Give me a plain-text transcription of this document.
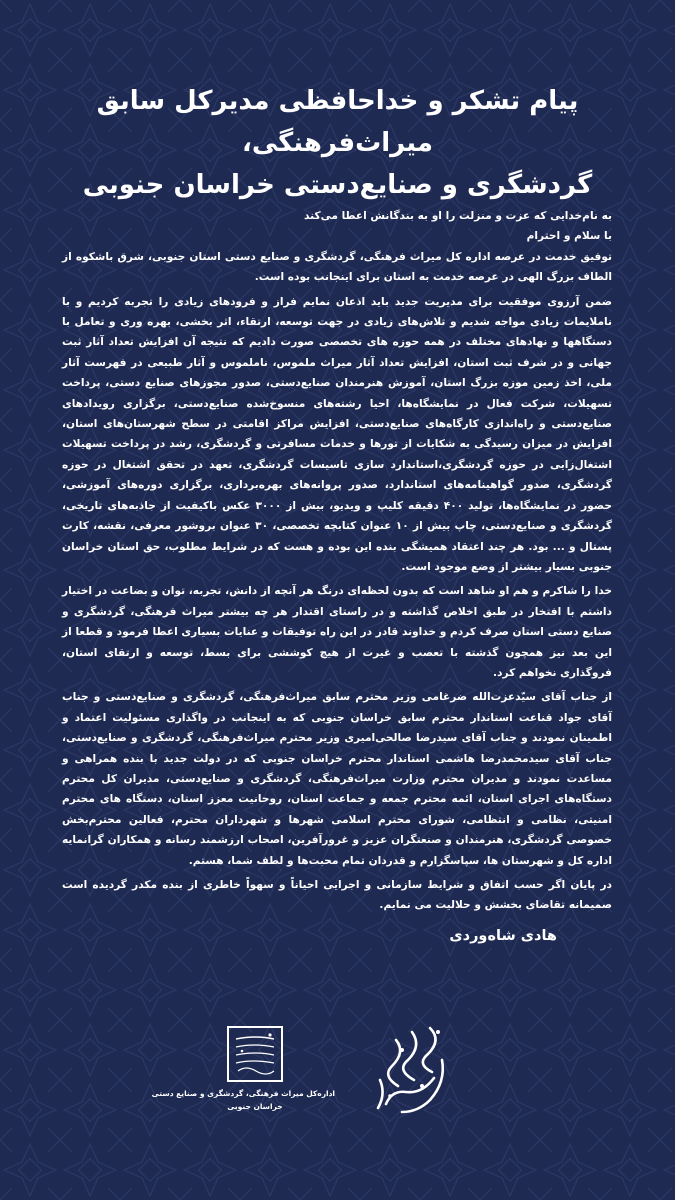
پیام تشکر و خداحافظی مدیرکل سابق میراث‌فرهنگی،
گردشگری و صنایع‌دستی خراسان جنوبی

به نام‌خدایی که عزت و منزلت را او به بندگانش اعطا می‌کند

با سلام و احترام

توفیق خدمت در عرصه اداره کل میراث فرهنگی، گردشگری و صنایع دستی استان جنوبی، شرق باشکوه از الطاف بزرگ الهی در عرصه خدمت به استان برای اینجانب بوده است.

ضمن آرزوی موفقیت برای مدیریت جدید باید اذعان نمایم فراز و فرودهای زیادی را تجربه کردیم و با ناملایمات زیادی مواجه شدیم و تلاش‌های زیادی در جهت توسعه، ارتقاء، اثر بخشی، بهره وری و تعامل با دستگاهها و نهادهای مختلف در همه حوزه های تخصصی صورت دادیم که نتیجه آن افزایش تعداد آثار ثبت جهانی و در شرف ثبت استان، افزایش تعداد آثار میراث ملموس، ناملموس و آثار طبیعی در فهرست آثار ملی، اخذ زمین موزه بزرگ استان، آموزش هنرمندان صنایع‌دستی، صدور مجوزهای صنایع دستی، پرداخت تسهیلات، شرکت فعال در نمایشگاه‌ها، احیا رشته‌های منسوخ‌شده صنایع‌دستی، برگزاری رویدادهای صنایع‌دستی و راه‌اندازی کارگاه‌های صنایع‌دستی، افزایش مراکز اقامتی در سطح شهرستان‌های استان، افزایش در میزان رسیدگی به شکایات از تورها و خدمات مسافرتی و گردشگری، رشد در پرداخت تسهیلات اشتغال‌زایی در حوزه گردشگری،استاندارد سازی تاسیسات گردشگری، تعهد در تحقق اشتغال در حوزه گردشگری، صدور گواهینامه‌های استاندارد، صدور پروانه‌های بهره‌برداری، برگزاری دوره‌های آموزشی، حضور در نمایشگاه‌ها، تولید ۴۰۰ دقیقه کلیپ و ویدیو، بیش از ۳۰۰۰ عکس باکیفیت از جاذبه‌های تاریخی، گردشگری و صنایع‌دستی، چاپ بیش از ۱۰ عنوان کتابچه تخصصی، ۳۰ عنوان بروشور معرفی، نقشه، کارت پستال و ... بود. هر چند اعتقاد همیشگی بنده این بوده و هست که در شرایط مطلوب، حق استان خراسان جنوبی بسیار بیشتر از وضع موجود است.

خدا را شاکرم و هم او شاهد است که بدون لحظه‌ای درنگ هر آنچه از دانش، تجربه، توان و بضاعت در اختیار داشتم با افتخار در طبق اخلاص گذاشته و در راستای اقتدار هر چه بیشتر میراث فرهنگی، گردشگری و صنایع دستی استان صرف کردم و خداوند قادر در این راه توفیقات و عنایات بسیاری اعطا فرمود و قطعا از این بعد نیز همچون گذشته با تعصب و غیرت از هیچ کوششی برای بسط، توسعه و ارتقای استان، فروگذاری نخواهم کرد.

از جناب آقای سیّدعزت‌الله ضرغامی وزیر محترم سابق میراث‌فرهنگی، گردشگری و صنایع‌دستی و جناب آقای جواد قناعت استاندار محترم سابق خراسان جنوبی که به اینجانب در واگذاری مسئولیت اعتماد و اطمینان نمودند و جناب آقای سیدرضا صالحی‌امیری وزیر محترم میراث‌فرهنگی، گردشگری و صنایع‌دستی، جناب آقای سیدمحمدرضا هاشمی استاندار محترم خراسان جنوبی که در دولت جدید با بنده همراهی و مساعدت نمودند و مدیران محترم وزارت میراث‌فرهنگی، گردشگری و صنایع‌دستی، مدیران کل محترم دستگاه‌های اجرای استان، ائمه محترم جمعه و جماعت استان، روحانیت معزز استان، دستگاه های محترم امنیتی، نظامی و انتظامی، شورای محترم اسلامی شهرها و شهرداران محترم، فعالین محترم‌بخش خصوصی گردشگری، هنرمندان و صنعتگران عزیز و غرورآفرین، اصحاب ارزشمند رسانه و همکاران گرانمایه اداره کل و شهرستان ها، سپاسگزارم و قدردان تمام محبت‌ها و لطف شما، هستم.

در پایان اگر حسب اتفاق و شرایط سازمانی و اجرایی احیاناً و سهواً خاطری از بنده مکدر گردیده است صمیمانه تقاضای بخشش و حلالیت می نمایم.

هادی شاه‌وردی
اداره‌کل میراث فرهنگی، گردشگری و صنایع دستی
خراسان جنوبی
